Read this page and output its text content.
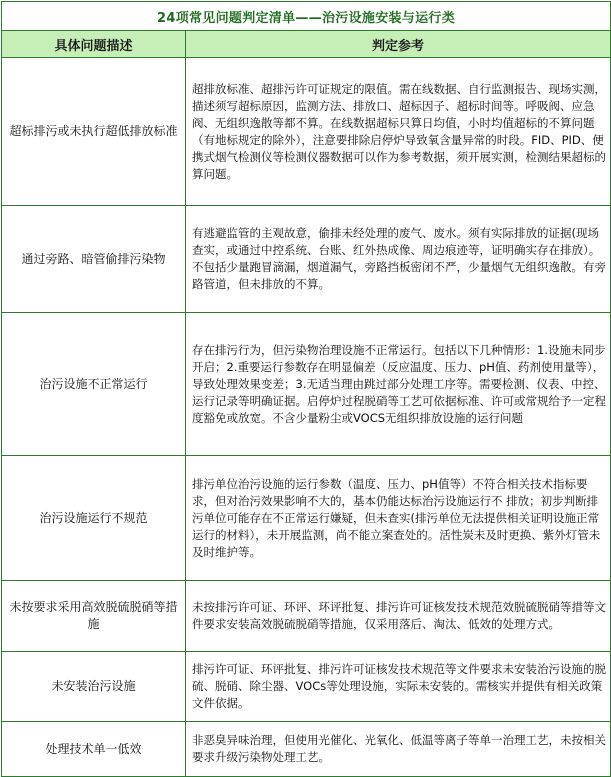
24项常见问题判定清单——治污设施安装与运行类	
具体问题描述	判定参考
超标排污或未执行超低排放标准	超排放标准、超排污许可证规定的限值。需在线数据、自行监测报告、现场实测，描述须写超标原因，监测方法、排放口、超标因子、超标时间等。呼吸阀、应急阀、无组织逸散等都不算。在线数据超标只算日均值，小时均值超标的不算问题（有地标规定的除外），注意要排除启停炉导致氧含量异常的时段。FID、PID、便携式烟气检测仪等检测仪器数据可以作为参考数据，须开展实测，检测结果超标的算问题。
通过旁路、暗管偷排污染物	有逃避监管的主观故意，偷排未经处理的废气、废水。须有实际排放的证据(现场查实，或通过中控系统、台账、红外热成像、周边痕迹等，证明确实存在排放）。不包括少量跑冒滴漏，烟道漏气，旁路挡板密闭不严，少量烟气无组织逸散。有旁路管道，但未排放的不算。
治污设施不正常运行	存在排污行为，但污染物治理设施不正常运行。包括以下几种情形：1.设施未同步开启；2.重要运行参数存在明显偏差（反应温度、压力、pH值、药剂使用量等），导致处理效果变差；3.无适当理由跳过部分处理工序等。需要检测、仪表、中控、运行记录等明确证据。启停炉过程脱硝等工艺可依据标准、许可或常规给予一定程度豁免或放宽。不含少量粉尘或VOCS无组织排放设施的运行问题
治污设施运行不规范	排污单位治污设施的运行参数（温度、压力、pH值等）不符合相关技术指标要求，但对治污效果影响不大的，基本仍能达标治污设施运行不 排放；初步判断排污单位可能存在不正常运行嫌疑，但未查实(排污单位无法提供相关证明设施正常运行的材料），未开展监测，尚不能立案查处的。活性炭未及时更换、紫外灯管未及时维护等。
未按要求采用高效脱硫脱硝等措施	未按排污许可证、环评、环评批复、排污许可证核发技术规范效脱硫脱硝等措等文件要求安装高效脱硫脱硝等措施，仅采用落后、淘汰、低效的处理方式。
未安装治污设施	排污许可证、环评批复、排污许可证核发技术规范等文件要求未安装治污设施的脱硫、脱硝、除尘器、VOCs等处理设施，实际未安装的。需核实并提供有相关政策文件依据。
处理技术单一低效	非恶臭异味治理，但使用光催化、光氧化、低温等离子等单一治理工艺，未按相关要求升级污染物处理工艺。
